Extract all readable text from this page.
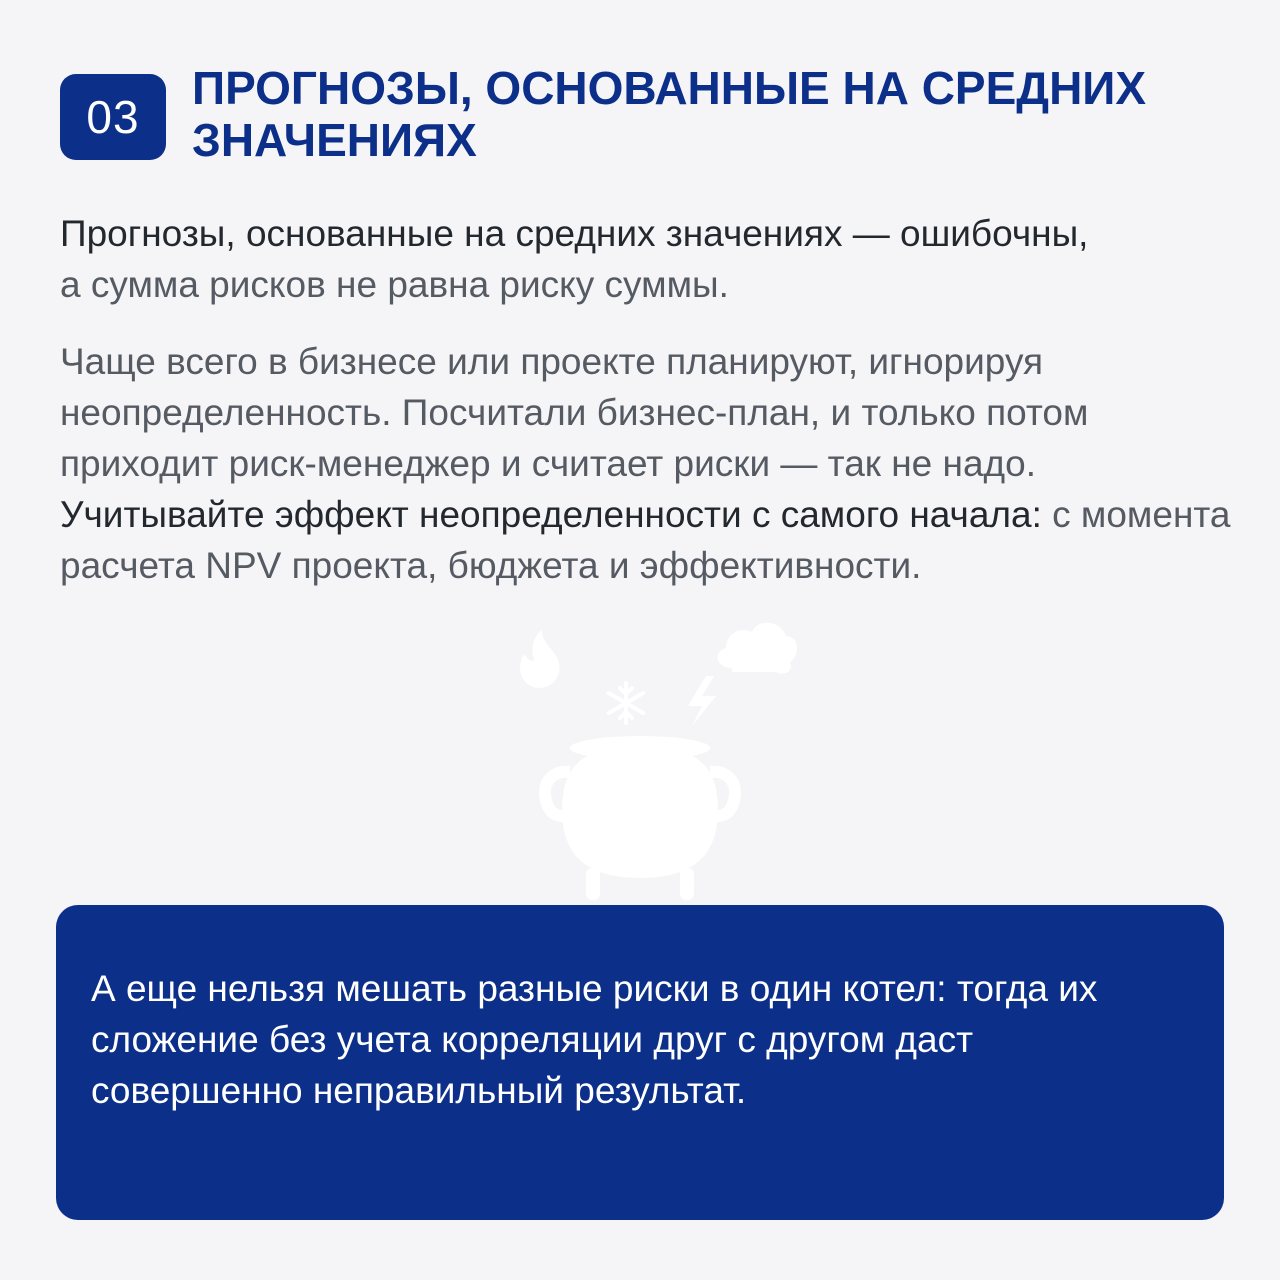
03
ПРОГНОЗЫ, ОСНОВАННЫЕ НА СРЕДНИХ ЗНАЧЕНИЯХ
Прогнозы, основанные на средних значениях — ошибочны,
а сумма рисков не равна риску суммы.
Чаще всего в бизнесе или проекте планируют, игнорируя неопределенность. Посчитали бизнес-план, и только потом приходит риск-менеджер и считает риски — так не надо. Учитывайте эффект неопределенности с самого начала: с момента расчета NPV проекта, бюджета и эффективности.
А еще нельзя мешать разные риски в один котел: тогда их сложение без учета корреляции друг с другом даст совершенно неправильный результат.
